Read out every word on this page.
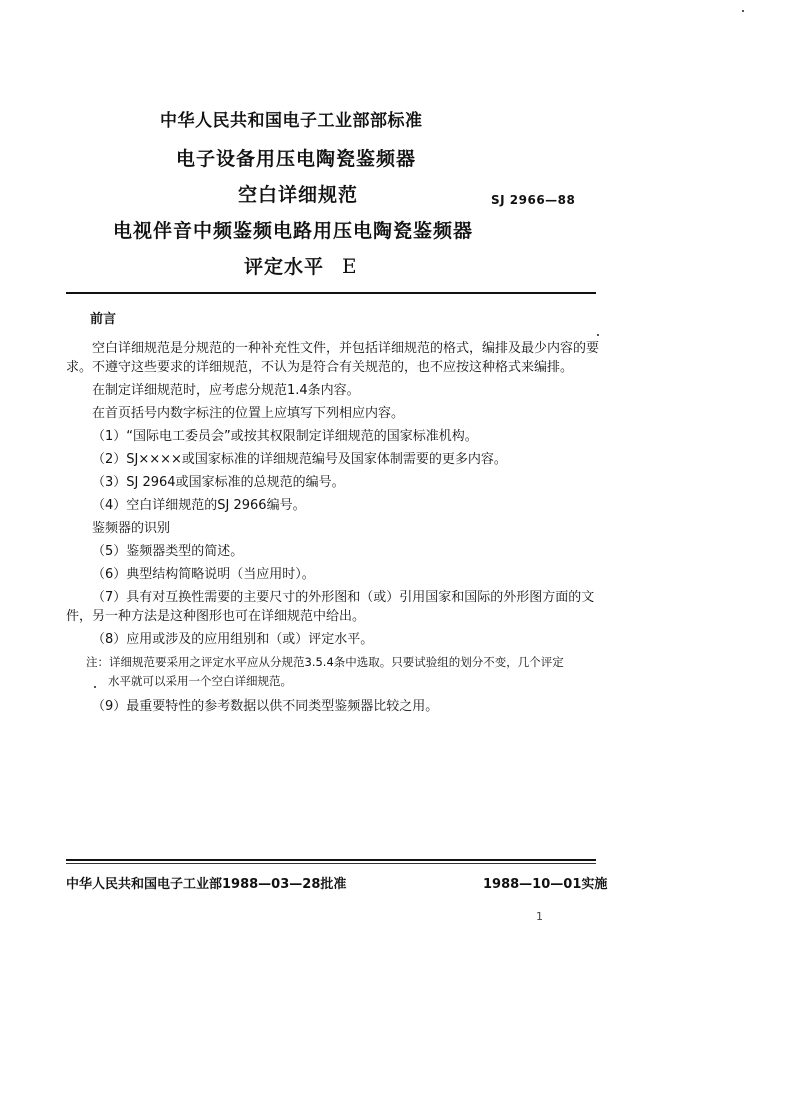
中华人民共和国电子工业部部标准
电子设备用压电陶瓷鉴频器
空白详细规范	SJ 2966—88
电视伴音中频鉴频电路用压电陶瓷鉴频器
评定水平 E

前言

空白详细规范是分规范的一种补充性文件，并包括详细规范的格式，编排及最少内容的要求。不遵守这些要求的详细规范，不认为是符合有关规范的，也不应按这种格式来编排。

在制定详细规范时，应考虑分规范1.4条内容。

在首页括号内数字标注的位置上应填写下列相应内容。

（1）“国际电工委员会”或按其权限制定详细规范的国家标准机构。

（2）SJ××××或国家标准的详细规范编号及国家体制需要的更多内容。

（3）SJ 2964或国家标准的总规范的编号。

（4）空白详细规范的SJ 2966编号。

鉴频器的识别

（5）鉴频器类型的简述。

（6）典型结构简略说明（当应用时）。

（7）具有对互换性需要的主要尺寸的外形图和（或）引用国家和国际的外形图方面的文件，另一种方法是这种图形也可在详细规范中给出。

（8）应用或涉及的应用组别和（或）评定水平。

注：详细规范要采用之评定水平应从分规范3.5.4条中选取。只要试验组的划分不变，几个评定

水平就可以采用一个空白详细规范。

（9）最重要特性的参考数据以供不同类型鉴频器比较之用。

中华人民共和国电子工业部1988—03—28批准	1988—10—01实施
1
